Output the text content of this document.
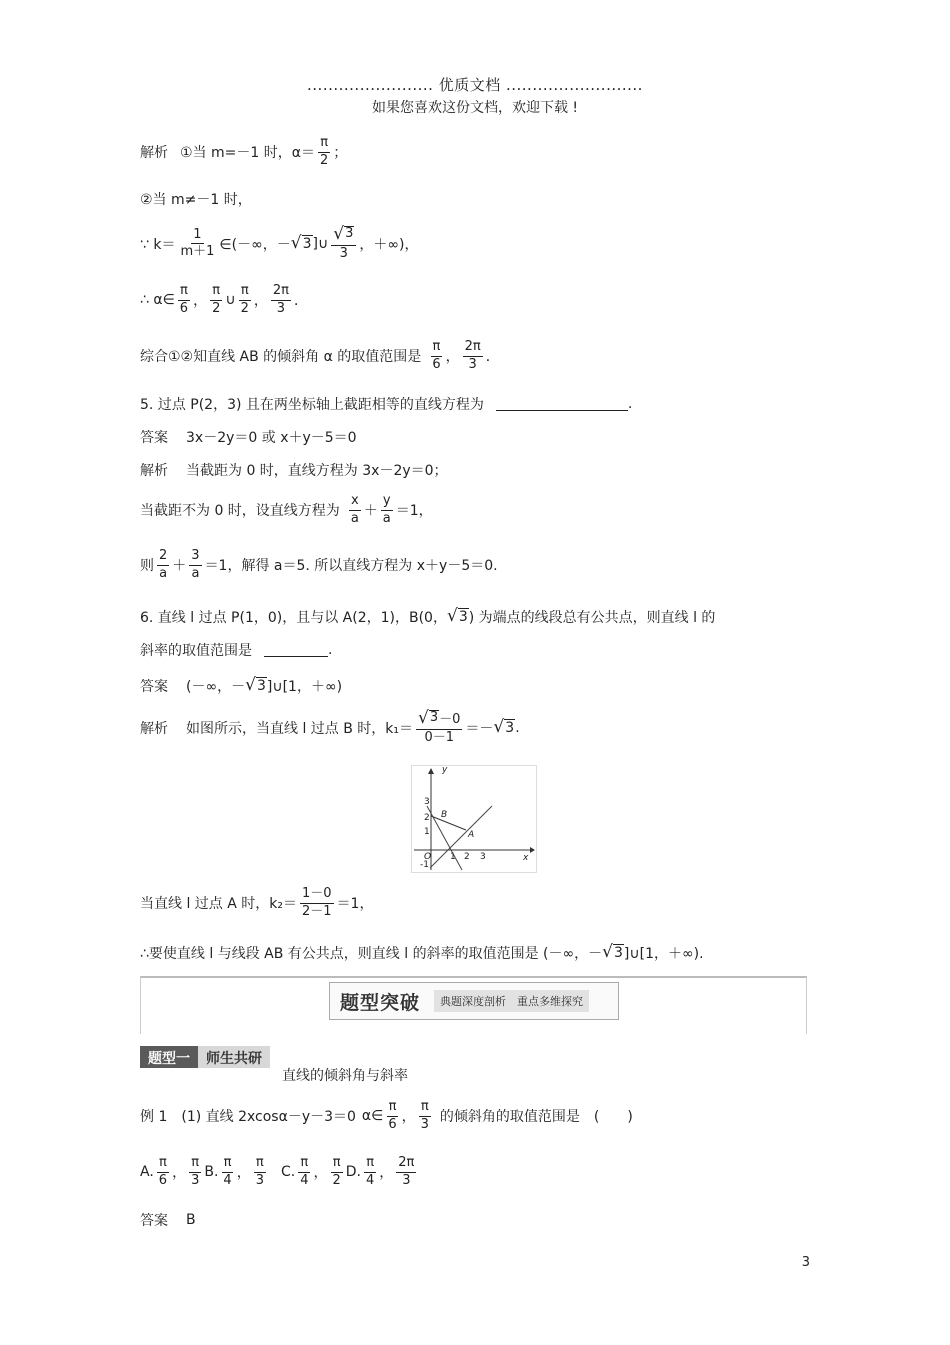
........................ 优质文档 ..........................
如果您喜欢这份文档，欢迎下载 !
解析 ①当 m=－1 时，$\alpha= \frac{\pi}{2}$ ；
②当 m≠－1 时，
∵ $k= \frac{1}{m+1}$ ∈(－∞，－ √ 3 ]∪ $\frac{√ 3}{3}$ ，＋∞)，
∴ α∈ $\frac{\pi}{6}$ ， $\frac{\pi}{2}$ ∪ $\frac{\pi}{2}$ ， $\frac{2\pi}{3}$ ．
综合①②知直线 AB 的倾斜角 α 的取值范围是 $\frac{\pi}{6}$ ， $\frac{2\pi}{3}$ ．
5. 过点 P(2，3) 且在两坐标轴上截距相等的直线方程为	.
答案 3x－2y＝0 或 x＋y－5＝0
解析 当截距为 0 时，直线方程为 3x－2y＝0；
当截距不为 0 时，设直线方程为 $\frac{x}{a} + \frac{y}{a} =1$，
则 $\frac{2}{a} + \frac{3}{a} =1$，解得 a＝5. 所以直线方程为 x＋y－5＝0.
6. 直线 l 过点 P(1，0)，且与以 A(2，1)，B(0， √ 3 ) 为端点的线段总有公共点，则直线 l 的
斜率的取值范围是	.
答案 (－∞，－ √ 3 ]∪[1，＋∞)
解析 如图所示，当直线 l 过点 B 时，$k_1= \frac{√ 3 -0}{0-1}$ ＝－ √ 3 .
y
x
O
3
2
1
-1
1 2 3
B
A
当直线 l 过点 A 时，$k_2= \frac{1-0}{2-1} =1$，
∴要使直线 l 与线段 AB 有公共点，则直线 l 的斜率的取值范围是 (－∞，－ √ 3 ]∪[1，＋∞).
题型突破	典题深度剖析　重点多维探究
题型一	师生共研
直线的倾斜角与斜率
例 1　(1) 直线 2xcosα－y－3＝0 α∈ $\frac{\pi}{6}$ ， $\frac{\pi}{3}$ 的倾斜角的取值范围是　(　　)
A. $\frac{\pi}{6}$ ， $\frac{\pi}{3} B$. $\frac{\pi}{4}$ ， $\frac{\pi}{3} C$. $\frac{\pi}{4}$ ， $\frac{\pi}{2} D$. $\frac{\pi}{4}$ ， $\frac{2\pi}{3}$
答案 B
3
